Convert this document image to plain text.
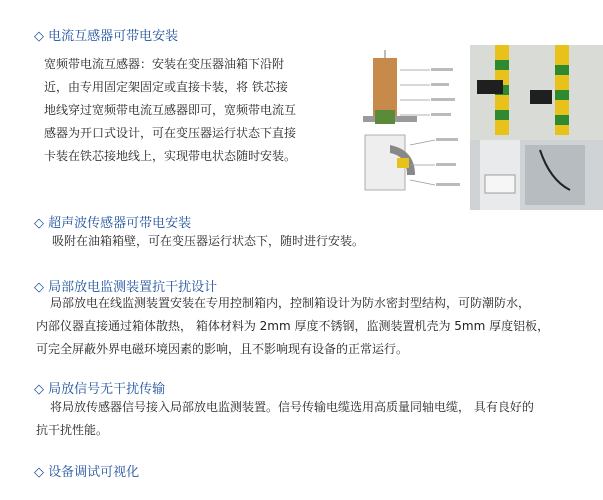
◇ 电流互感器可带电安装
宽频带电流互感器：安装在变压器油箱下沿附
近，由专用固定架固定或直接卡装，将 铁芯接
地线穿过宽频带电流互感器即可，宽频带电流互
感器为开口式设计，可在变压器运行状态下直接
卡装在铁芯接地线上，实现带电状态随时安装。
◇ 超声波传感器可带电安装
吸附在油箱箱壁，可在变压器运行状态下，随时进行安装。
◇ 局部放电监测装置抗干扰设计
局部放电在线监测装置安装在专用控制箱内，控制箱设计为防水密封型结构，可防潮防水，
内部仪器直接通过箱体散热， 箱体材料为 2mm 厚度不锈钢，监测装置机壳为 5mm 厚度铝板，
可完全屏蔽外界电磁环境因素的影响，且不影响现有设备的正常运行。
◇ 局放信号无干扰传输
将局放传感器信号接入局部放电监测装置。信号传输电缆选用高质量同轴电缆， 具有良好的
抗干扰性能。
◇ 设备调试可视化
